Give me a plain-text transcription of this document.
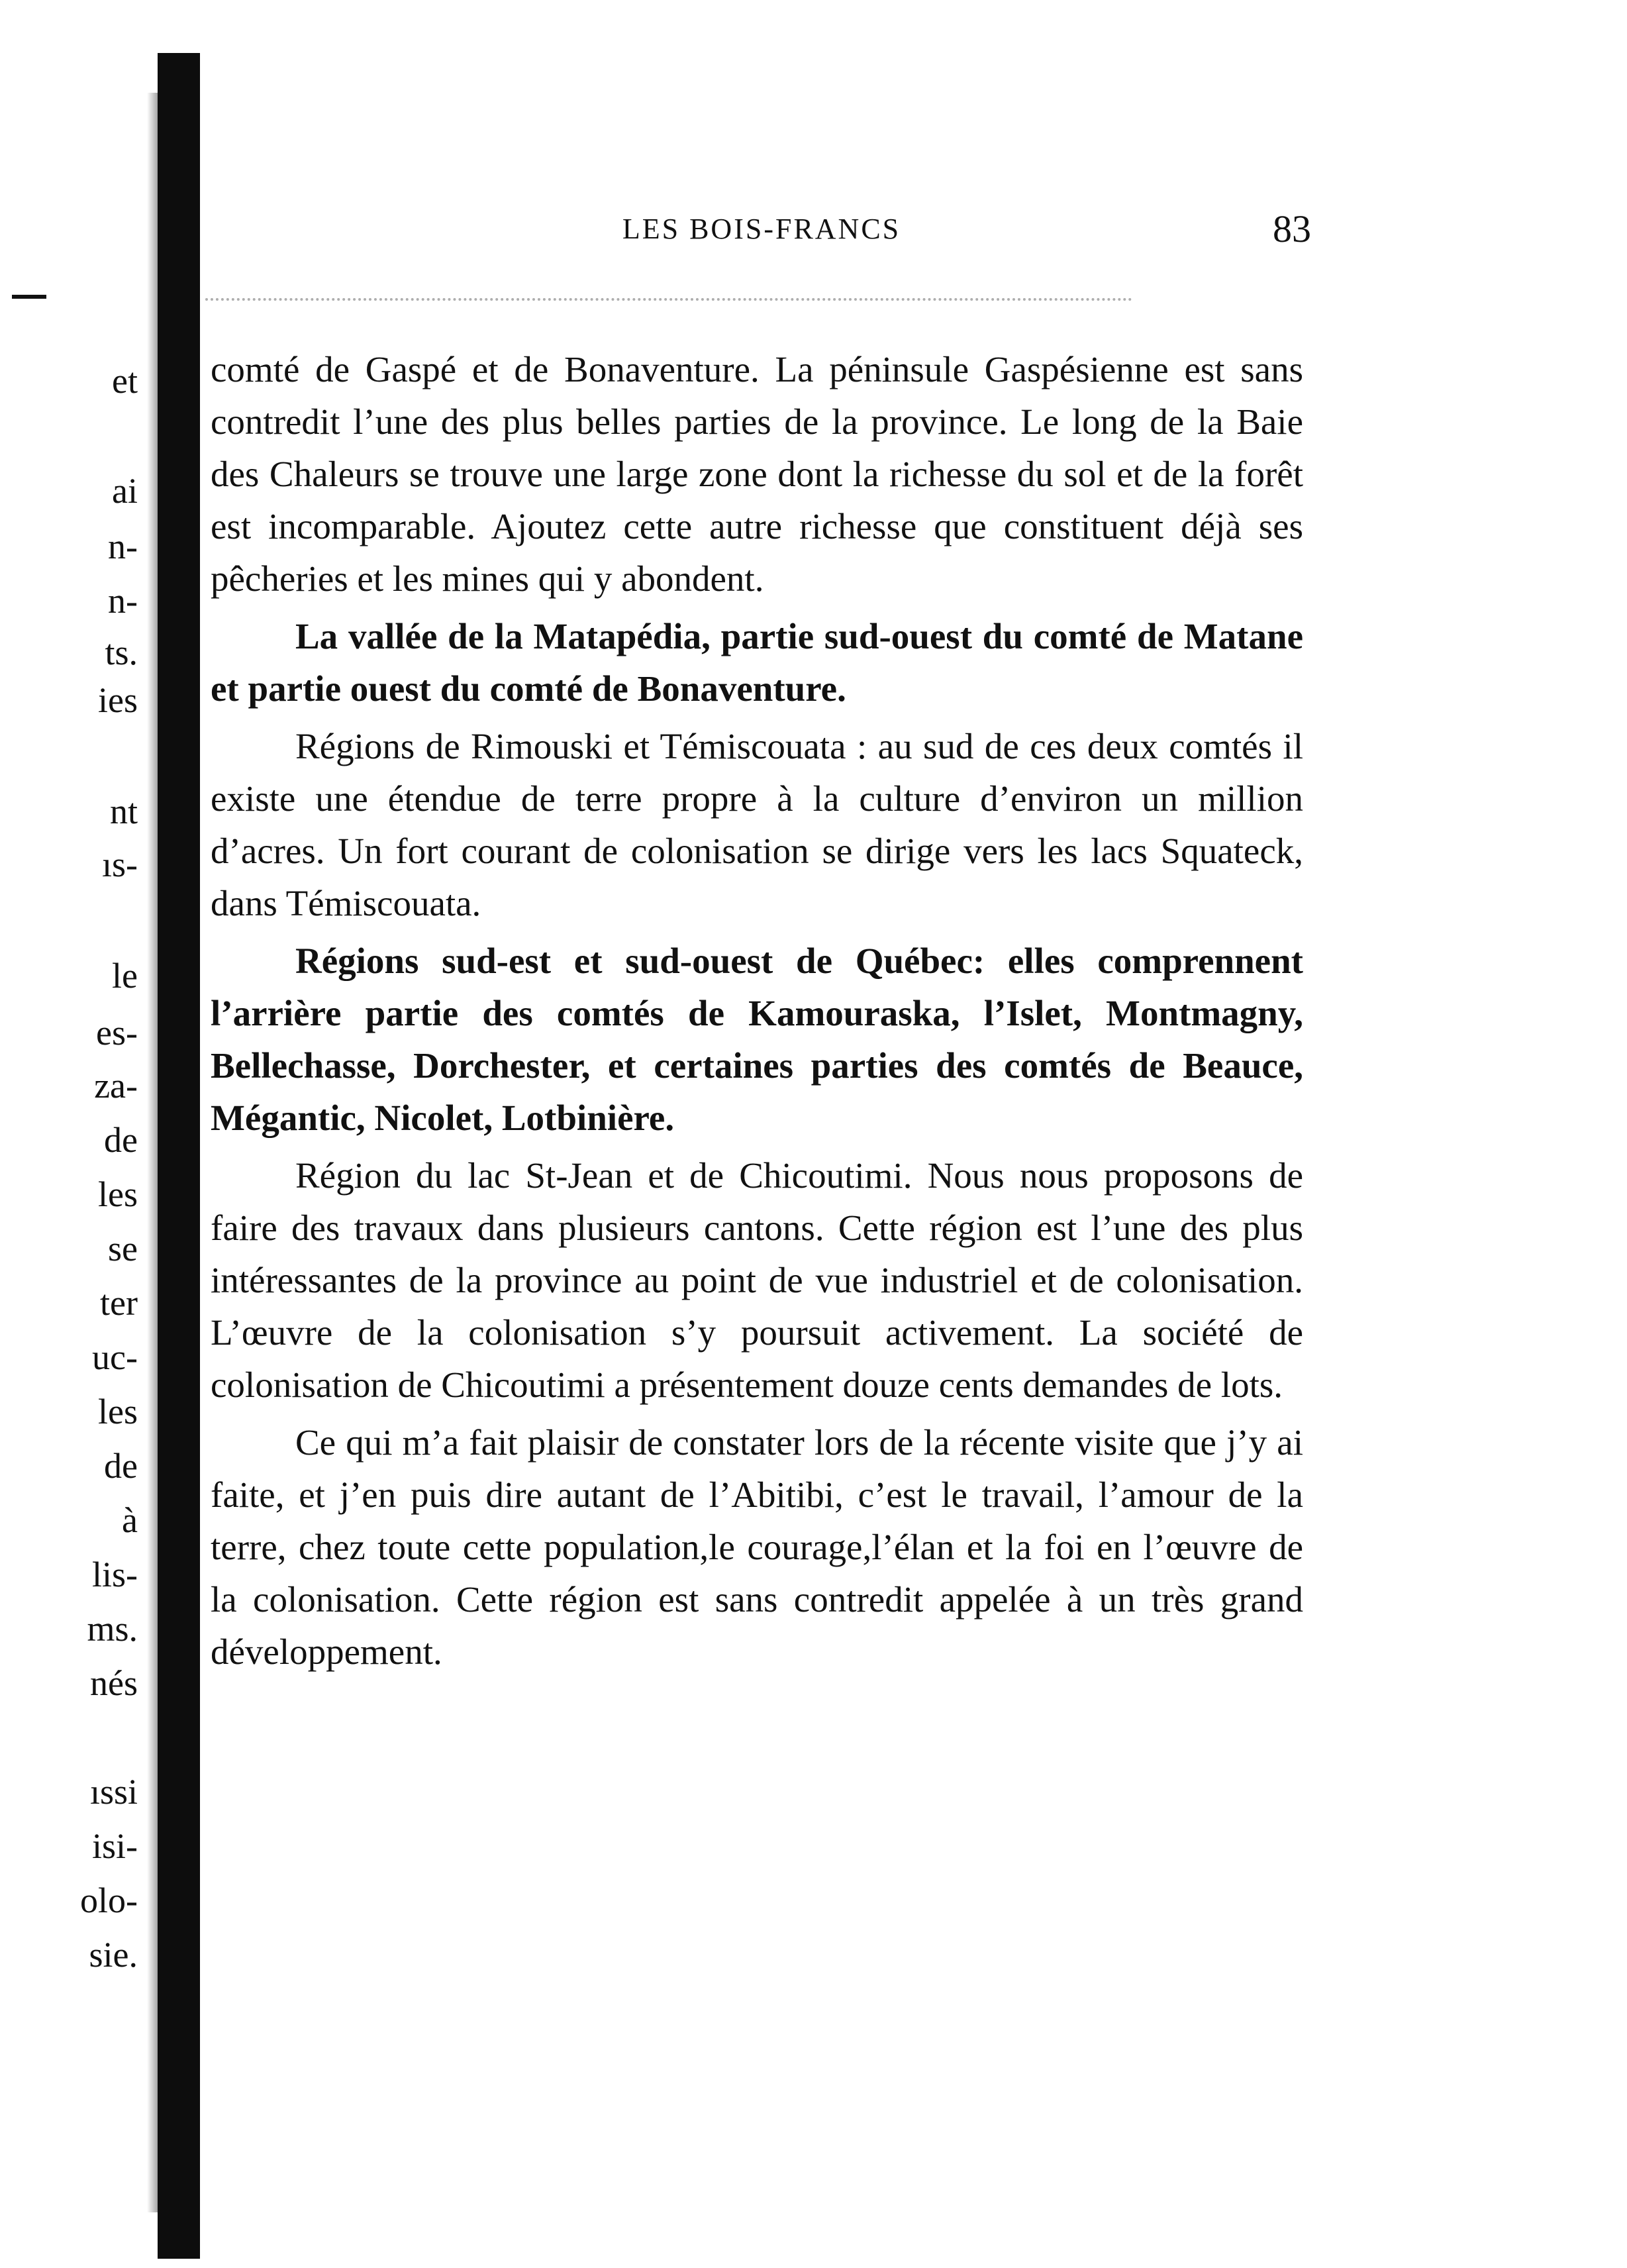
et
ai
n-
n-
ts.
ies
nt
ıs-
le
es-
za-
de
les
se
ter
uc-
les
de
à
lis-
ms.
nés
ıssi
isi-
olo-
sie.
LES BOIS-FRANCS	83

comté de Gaspé et de Bonaventure. La péninsule Gaspésienne est sans contredit l’une des plus belles parties de la province. Le long de la Baie des Chaleurs se trouve une large zone dont la richesse du sol et de la forêt est incomparable. Ajoutez cette autre richesse que constituent déjà ses pêcheries et les mines qui y abondent.

La vallée de la Matapédia, partie sud-ouest du comté de Matane et partie ouest du comté de Bonaventure.

Régions de Rimouski et Témiscouata : au sud de ces deux comtés il existe une étendue de terre propre à la culture d’environ un million d’acres. Un fort courant de colonisation se dirige vers les lacs Squateck, dans Témiscouata.

Régions sud-est et sud-ouest de Québec: elles comprennent l’arrière partie des comtés de Kamouraska, l’Islet, Montmagny, Bellechasse, Dorchester, et certaines parties des comtés de Beauce, Mégantic, Nicolet, Lotbinière.

Région du lac St-Jean et de Chicoutimi. Nous nous proposons de faire des travaux dans plusieurs cantons. Cette région est l’une des plus intéressantes de la province au point de vue industriel et de colonisation. L’œuvre de la colonisation s’y poursuit activement. La société de colonisation de Chicoutimi a présentement douze cents demandes de lots.

Ce qui m’a fait plaisir de constater lors de la récente visite que j’y ai faite, et j’en puis dire autant de l’Abitibi, c’est le travail, l’amour de la terre, chez toute cette population,le courage,l’élan et la foi en l’œuvre de la colonisation. Cette région est sans contredit appelée à un très grand développement.
